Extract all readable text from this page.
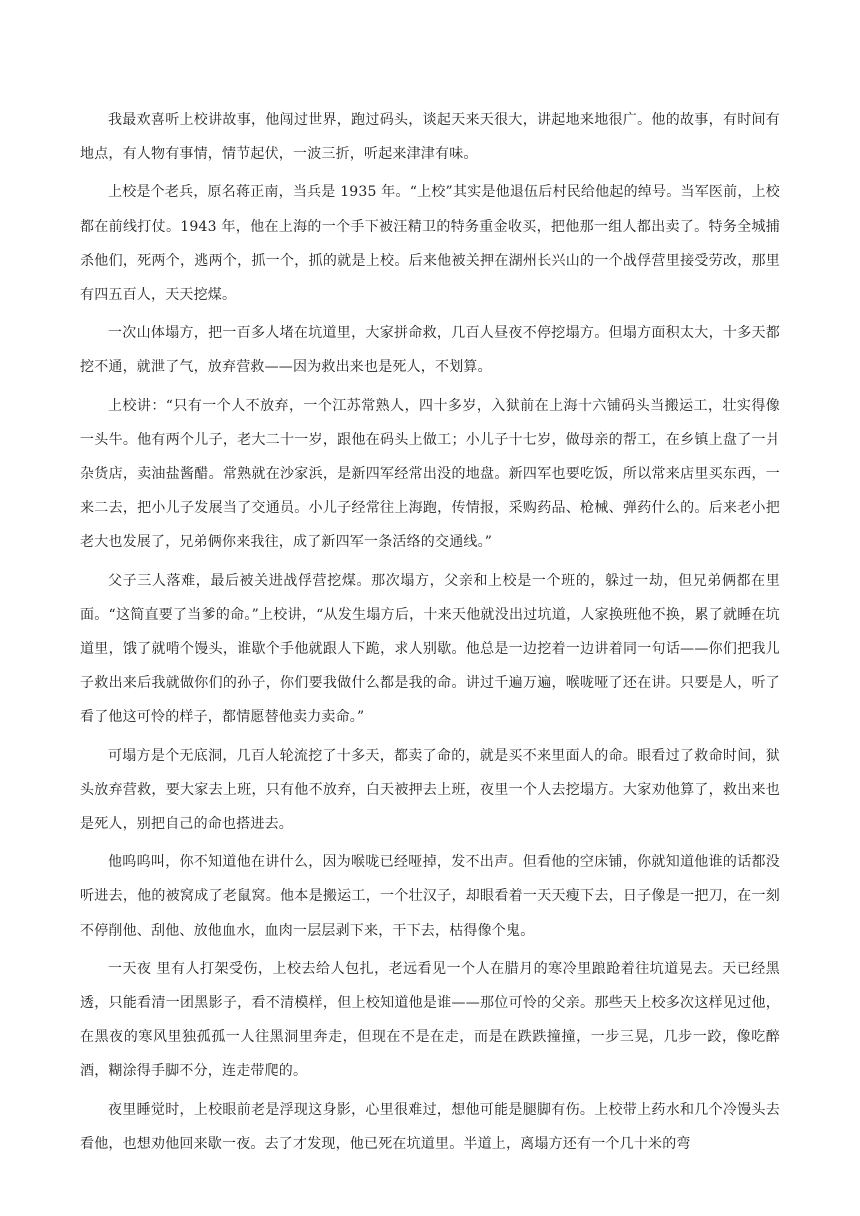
我最欢喜听上校讲故事，他闯过世界，跑过码头，谈起天来天很大，讲起地来地很广。他的故事，有时间有地点，有人物有事情，情节起伏，一波三折，听起来津津有味。

上校是个老兵，原名蒋正南，当兵是 1935 年。“上校”其实是他退伍后村民给他起的绰号。当军医前，上校都在前线打仗。1943 年，他在上海的一个手下被汪精卫的特务重金收买，把他那一组人都出卖了。特务全城捕杀他们，死两个，逃两个，抓一个，抓的就是上校。后来他被关押在湖州长兴山的一个战俘营里接受劳改，那里有四五百人，天天挖煤。

一次山体塌方，把一百多人堵在坑道里，大家拼命救，几百人昼夜不停挖塌方。但塌方面积太大，十多天都挖不通，就泄了气，放弃营救——因为救出来也是死人，不划算。

上校讲：“只有一个人不放弃，一个江苏常熟人，四十多岁，入狱前在上海十六铺码头当搬运工，壮实得像一头牛。他有两个儿子，老大二十一岁，跟他在码头上做工；小儿子十七岁，做母亲的帮工，在乡镇上盘了一爿杂货店，卖油盐酱醋。常熟就在沙家浜，是新四军经常出没的地盘。新四军也要吃饭，所以常来店里买东西，一来二去，把小儿子发展当了交通员。小儿子经常往上海跑，传情报，采购药品、枪械、弹药什么的。后来老小把老大也发展了，兄弟俩你来我往，成了新四军一条活络的交通线。”

父子三人落难，最后被关进战俘营挖煤。那次塌方，父亲和上校是一个班的，躲过一劫，但兄弟俩都在里面。“这简直要了当爹的命。”上校讲，“从发生塌方后，十来天他就没出过坑道，人家换班他不换，累了就睡在坑道里，饿了就啃个馒头，谁歇个手他就跟人下跪，求人别歇。他总是一边挖着一边讲着同一句话——你们把我儿子救出来后我就做你们的孙子，你们要我做什么都是我的命。讲过千遍万遍，喉咙哑了还在讲。只要是人，听了看了他这可怜的样子，都情愿替他卖力卖命。”

可塌方是个无底洞，几百人轮流挖了十多天，都卖了命的，就是买不来里面人的命。眼看过了救命时间，狱头放弃营救，要大家去上班，只有他不放弃，白天被押去上班，夜里一个人去挖塌方。大家劝他算了，救出来也是死人，别把自己的命也搭进去。

他呜呜叫，你不知道他在讲什么，因为喉咙已经哑掉，发不出声。但看他的空床铺，你就知道他谁的话都没听进去，他的被窝成了老鼠窝。他本是搬运工，一个壮汉子，却眼看着一天天瘦下去，日子像是一把刀，在一刻不停削他、刮他、放他血水，血肉一层层剥下来，干下去，枯得像个鬼。

一天夜 里有人打架受伤，上校去给人包扎，老远看见一个人在腊月的寒冷里踉跄着往坑道晃去。天已经黑透，只能看清一团黑影子，看不清模样，但上校知道他是谁——那位可怜的父亲。那些天上校多次这样见过他，在黑夜的寒风里独孤孤一人往黑洞里奔走，但现在不是在走，而是在跌跌撞撞，一步三晃，几步一跤，像吃醉酒，糊涂得手脚不分，连走带爬的。

夜里睡觉时，上校眼前老是浮现这身影，心里很难过，想他可能是腿脚有伤。上校带上药水和几个冷馒头去看他，也想劝他回来歇一夜。去了才发现，他已死在坑道里。半道上，离塌方还有一个几十米的弯
